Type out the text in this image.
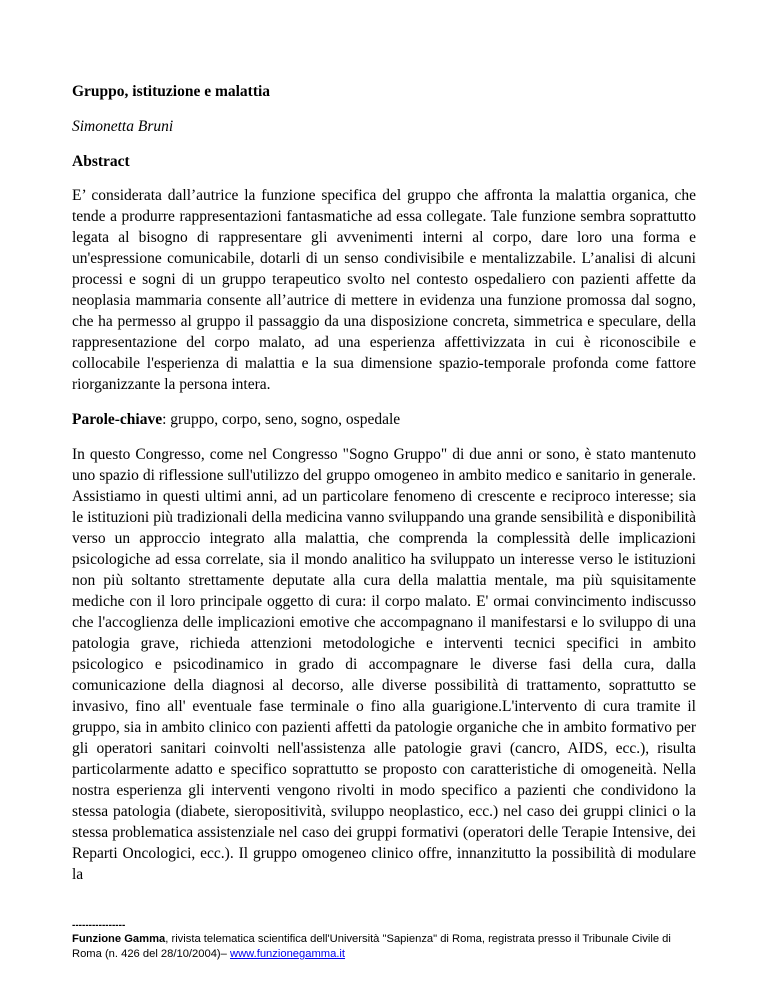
Gruppo, istituzione e malattia

Simonetta Bruni

Abstract

E’ considerata dall’autrice la funzione specifica del gruppo che affronta la malattia organica, che tende a produrre rappresentazioni fantasmatiche ad essa collegate. Tale funzione sembra soprattutto legata al bisogno di rappresentare gli avvenimenti interni al corpo, dare loro una forma e un'espressione comunicabile, dotarli di un senso condivisibile e mentalizzabile. L’analisi di alcuni processi e sogni di un gruppo terapeutico svolto nel contesto ospedaliero con pazienti affette da neoplasia mammaria consente all’autrice di mettere in evidenza una funzione promossa dal sogno, che ha permesso al gruppo il passaggio da una disposizione concreta, simmetrica e speculare, della rappresentazione del corpo malato, ad una esperienza affettivizzata in cui è riconoscibile e collocabile l'esperienza di malattia e la sua dimensione spazio-temporale profonda come fattore riorganizzante la persona intera.

Parole-chiave: gruppo, corpo, seno, sogno, ospedale

In questo Congresso, come nel Congresso "Sogno Gruppo" di due anni or sono, è stato mantenuto uno spazio di riflessione sull'utilizzo del gruppo omogeneo in ambito medico e sanitario in generale. Assistiamo in questi ultimi anni, ad un particolare fenomeno di crescente e reciproco interesse; sia le istituzioni più tradizionali della medicina vanno sviluppando una grande sensibilità e disponibilità verso un approccio integrato alla malattia, che comprenda la complessità delle implicazioni psicologiche ad essa correlate, sia il mondo analitico ha sviluppato un interesse verso le istituzioni non più soltanto strettamente deputate alla cura della malattia mentale, ma più squisitamente mediche con il loro principale oggetto di cura: il corpo malato. E' ormai convincimento indiscusso che l'accoglienza delle implicazioni emotive che accompagnano il manifestarsi e lo sviluppo di una patologia grave, richieda attenzioni metodologiche e interventi tecnici specifici in ambito psicologico e psicodinamico in grado di accompagnare le diverse fasi della cura, dalla comunicazione della diagnosi al decorso, alle diverse possibilità di trattamento, soprattutto se invasivo, fino all' eventuale fase terminale o fino alla guarigione.L'intervento di cura tramite il gruppo, sia in ambito clinico con pazienti affetti da patologie organiche che in ambito formativo per gli operatori sanitari coinvolti nell'assistenza alle patologie gravi (cancro, AIDS, ecc.), risulta particolarmente adatto e specifico soprattutto se proposto con caratteristiche di omogeneità. Nella nostra esperienza gli interventi vengono rivolti in modo specifico a pazienti che condividono la stessa patologia (diabete, sieropositività, sviluppo neoplastico, ecc.) nel caso dei gruppi clinici o la stessa problematica assistenziale nel caso dei gruppi formativi (operatori delle Terapie Intensive, dei Reparti Oncologici, ecc.). Il gruppo omogeneo clinico offre, innanzitutto la possibilità di modulare la

----------------
Funzione Gamma, rivista telematica scientifica dell'Università "Sapienza" di Roma, registrata presso il Tribunale Civile di Roma (n. 426 del 28/10/2004)– www.funzionegamma.it
